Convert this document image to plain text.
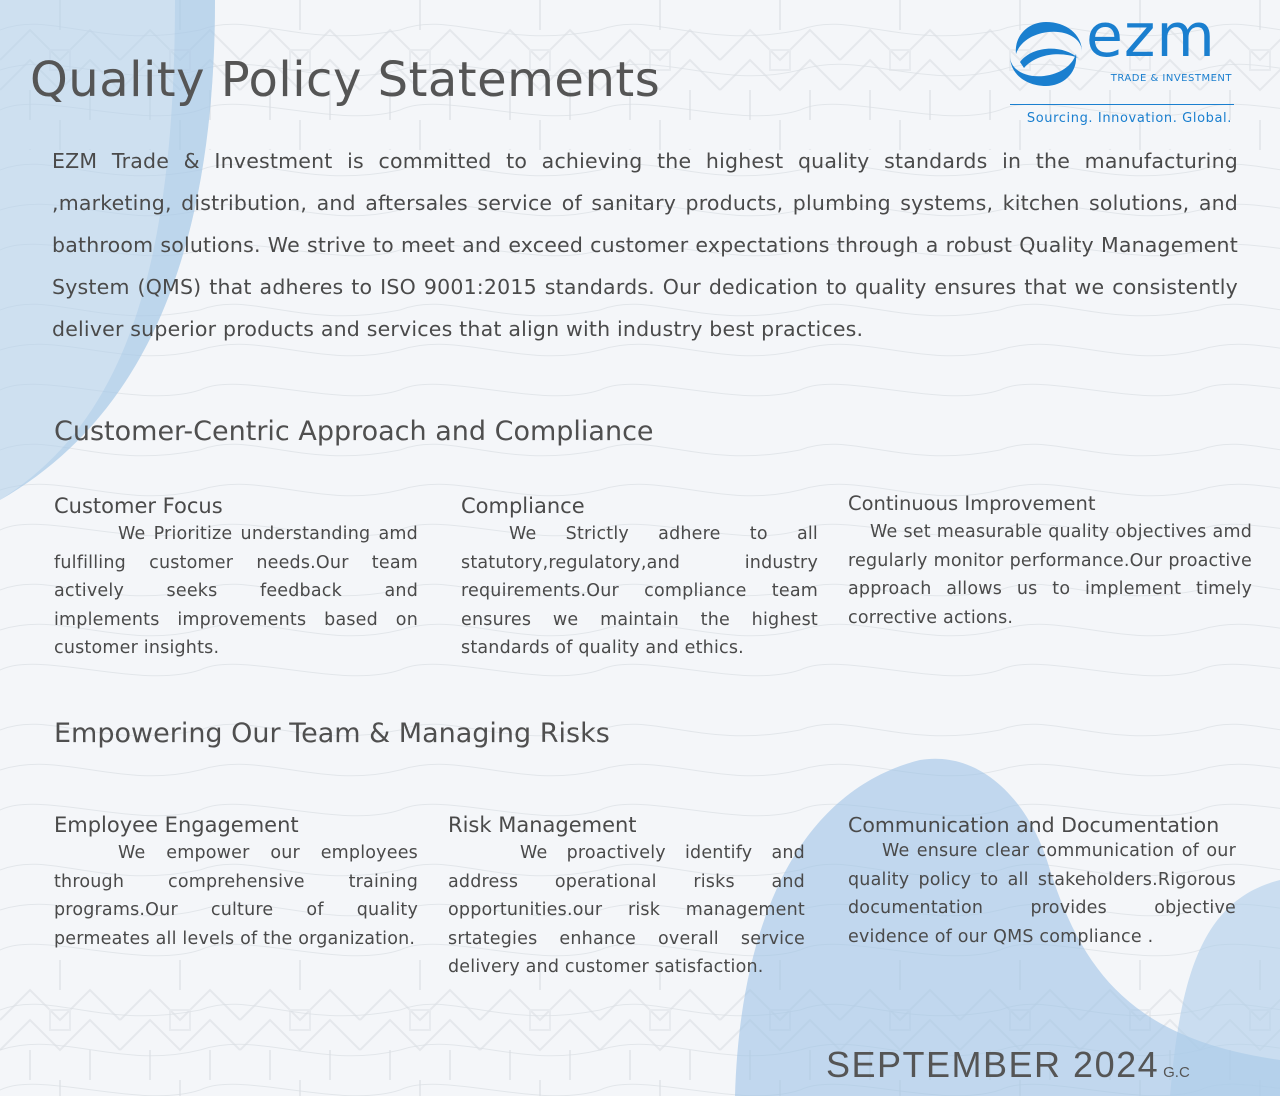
Quality Policy Statements
ezm
TRADE & INVESTMENT
Sourcing. Innovation. Global.

EZM Trade & Investment is committed to achieving the highest quality standards in the manufacturing ,marketing, distribution, and aftersales service of sanitary products, plumbing systems, kitchen solutions, and bathroom solutions. We strive to meet and exceed customer expectations through a robust Quality Management System (QMS) that adheres to ISO 9001:2015 standards. Our dedication to quality ensures that we consistently deliver superior products and services that align with industry best practices.

Customer-Centric Approach and Compliance
Customer Focus

We Prioritize understanding amd fulfilling customer needs.Our team actively seeks feedback and implements improvements based on customer insights.

Compliance

We Strictly adhere to all statutory,regulatory,and industry requirements.Our compliance team ensures we maintain the highest standards of quality and ethics.

Continuous Improvement

We set measurable quality objectives amd regularly monitor performance.Our proactive approach allows us to implement timely corrective actions.

Empowering Our Team & Managing Risks
Employee Engagement

We empower our employees through comprehensive training programs.Our culture of quality permeates all levels of the organization.

Risk Management

We proactively identify and address operational risks and opportunities.our risk management srtategies enhance overall service delivery and customer satisfaction.

Communication and Documentation

We ensure clear communication of our quality policy to all stakeholders.Rigorous documentation provides objective evidence of our QMS compliance .

SEPTEMBER 2024 G.C
